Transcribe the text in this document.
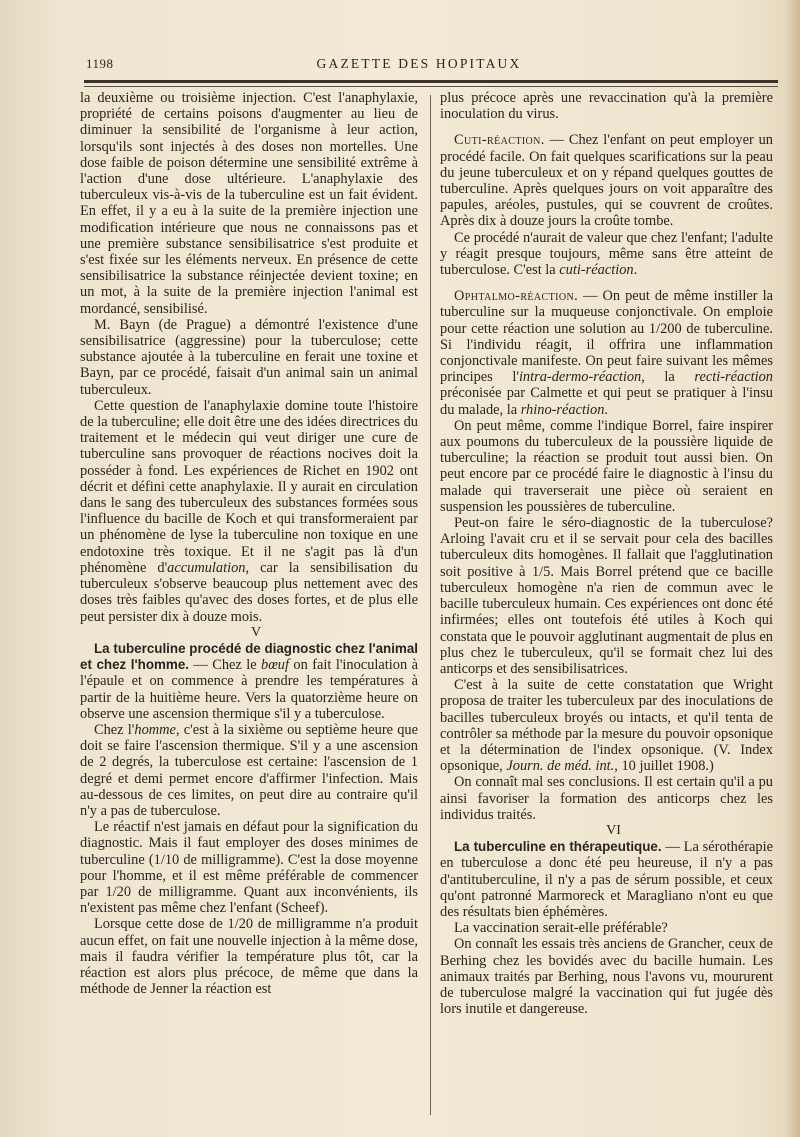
1198	GAZETTE DES HOPITAUX

la deuxième ou troisième injection. C'est l'anaphylaxie, propriété de certains poisons d'augmenter au lieu de diminuer la sensibilité de l'organisme à leur action, lorsqu'ils sont injectés à des doses non mortelles. Une dose faible de poison détermine une sensibilité extrême à l'action d'une dose ultérieure. L'anaphylaxie des tuberculeux vis-à-vis de la tuberculine est un fait évident. En effet, il y a eu à la suite de la première injection une modification intérieure que nous ne connaissons pas et une première substance sensibilisatrice s'est produite et s'est fixée sur les éléments nerveux. En présence de cette sensibilisatrice la substance réinjectée devient toxine; en un mot, à la suite de la première injection l'animal est mordancé, sensibilisé.

M. Bayn (de Prague) a démontré l'existence d'une sensibilisatrice (aggressine) pour la tuberculose; cette substance ajoutée à la tuberculine en ferait une toxine et Bayn, par ce procédé, faisait d'un animal sain un animal tuberculeux.

Cette question de l'anaphylaxie domine toute l'histoire de la tuberculine; elle doit être une des idées directrices du traitement et le médecin qui veut diriger une cure de tuberculine sans provoquer de réactions nocives doit la posséder à fond. Les expériences de Richet en 1902 ont décrit et défini cette anaphylaxie. Il y aurait en circulation dans le sang des tuberculeux des substances formées sous l'influence du bacille de Koch et qui transformeraient par un phénomène de lyse la tuberculine non toxique en une endotoxine très toxique. Et il ne s'agit pas là d'un phénomène d'accumulation, car la sensibilisation du tuberculeux s'observe beaucoup plus nettement avec des doses très faibles qu'avec des doses fortes, et de plus elle peut persister dix à douze mois.

V

La tuberculine procédé de diagnostic chez l'animal et chez l'homme. — Chez le bœuf on fait l'inoculation à l'épaule et on commence à prendre les températures à partir de la huitième heure. Vers la quatorzième heure on observe une ascension thermique s'il y a tuberculose.

Chez l'homme, c'est à la sixième ou septième heure que doit se faire l'ascension thermique. S'il y a une ascension de 2 degrés, la tuberculose est certaine: l'ascension de 1 degré et demi permet encore d'affirmer l'infection. Mais au-dessous de ces limites, on peut dire au contraire qu'il n'y a pas de tuberculose.

Le réactif n'est jamais en défaut pour la signification du diagnostic. Mais il faut employer des doses minimes de tuberculine (1/10 de milligramme). C'est la dose moyenne pour l'homme, et il est même préférable de commencer par 1/20 de milligramme. Quant aux inconvénients, ils n'existent pas même chez l'enfant (Scheef).

Lorsque cette dose de 1/20 de milligramme n'a produit aucun effet, on fait une nouvelle injection à la même dose, mais il faudra vérifier la température plus tôt, car la réaction est alors plus précoce, de même que dans la méthode de Jenner la réaction est

plus précoce après une revaccination qu'à la première inoculation du virus.

Cuti-réaction. — Chez l'enfant on peut employer un procédé facile. On fait quelques scarifications sur la peau du jeune tuberculeux et on y répand quelques gouttes de tuberculine. Après quelques jours on voit apparaître des papules, aréoles, pustules, qui se couvrent de croûtes. Après dix à douze jours la croûte tombe.

Ce procédé n'aurait de valeur que chez l'enfant; l'adulte y réagit presque toujours, même sans être atteint de tuberculose. C'est la cuti-réaction.

Ophtalmo-réaction. — On peut de même instiller la tuberculine sur la muqueuse conjonctivale. On emploie pour cette réaction une solution au 1/200 de tuberculine. Si l'individu réagit, il offrira une inflammation conjonctivale manifeste. On peut faire suivant les mêmes principes l'intra-dermo-réaction, la recti-réaction préconisée par Calmette et qui peut se pratiquer à l'insu du malade, la rhino-réaction.

On peut même, comme l'indique Borrel, faire inspirer aux poumons du tuberculeux de la poussière liquide de tuberculine; la réaction se produit tout aussi bien. On peut encore par ce procédé faire le diagnostic à l'insu du malade qui traverserait une pièce où seraient en suspension les poussières de tuberculine.

Peut-on faire le séro-diagnostic de la tuberculose? Arloing l'avait cru et il se servait pour cela des bacilles tuberculeux dits homogènes. Il fallait que l'agglutination soit positive à 1/5. Mais Borrel prétend que ce bacille tuberculeux homogène n'a rien de commun avec le bacille tuberculeux humain. Ces expériences ont donc été infirmées; elles ont toutefois été utiles à Koch qui constata que le pouvoir agglutinant augmentait de plus en plus chez le tuberculeux, qu'il se formait chez lui des anticorps et des sensibilisatrices.

C'est à la suite de cette constatation que Wright proposa de traiter les tuberculeux par des inoculations de bacilles tuberculeux broyés ou intacts, et qu'il tenta de contrôler sa méthode par la mesure du pouvoir opsonique et la détermination de l'index opsonique. (V. Index opsonique, Journ. de méd. int., 10 juillet 1908.)

On connaît mal ses conclusions. Il est certain qu'il a pu ainsi favoriser la formation des anticorps chez les individus traités.

VI

La tuberculine en thérapeutique. — La sérothérapie en tuberculose a donc été peu heureuse, il n'y a pas d'antituberculine, il n'y a pas de sérum possible, et ceux qu'ont patronné Marmoreck et Maragliano n'ont eu que des résultats bien éphémères.

La vaccination serait-elle préférable?

On connaît les essais très anciens de Grancher, ceux de Berhing chez les bovidés avec du bacille humain. Les animaux traités par Berhing, nous l'avons vu, moururent de tuberculose malgré la vaccination qui fut jugée dès lors inutile et dangereuse.
